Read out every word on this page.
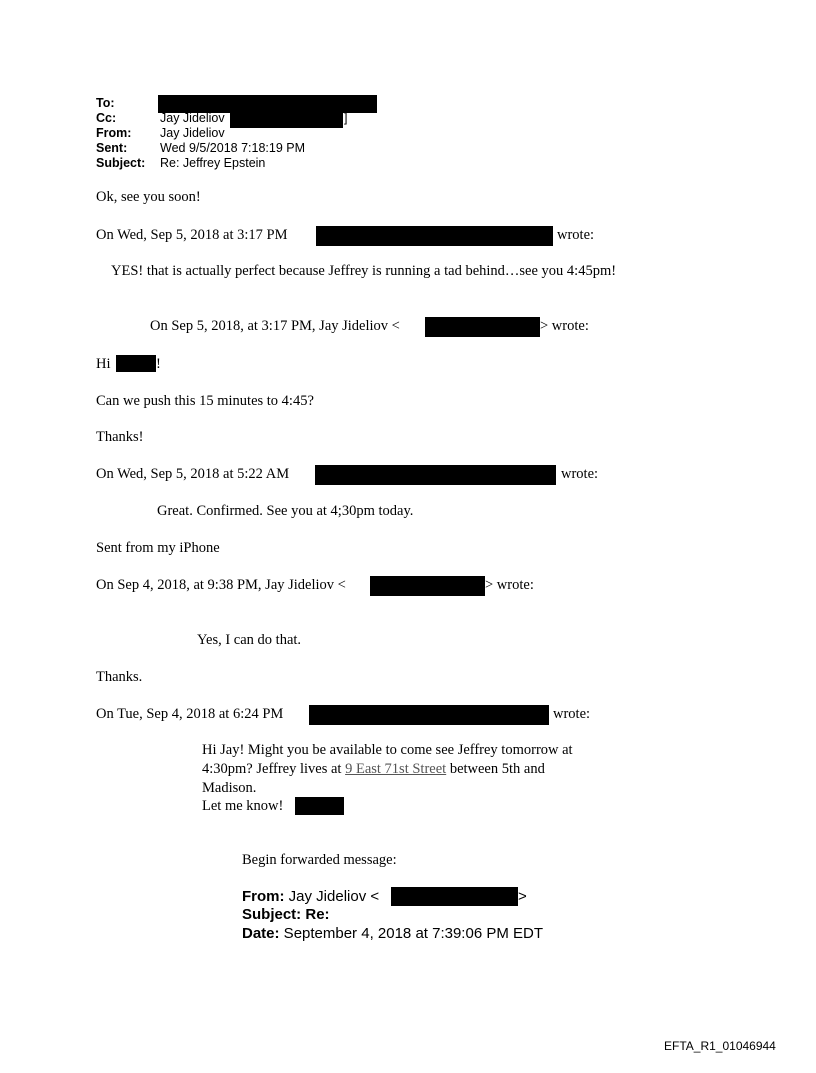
To:
Cc:	Jay Jideliov	]
From: Jay Jideliov
Sent:	Wed 9/5/2018 7:18:19 PM
Subject: Re: Jeffrey Epstein
Ok, see you soon!
On Wed, Sep 5, 2018 at 3:17 PM	wrote:
YES! that is actually perfect because Jeffrey is running a tad behind…see you 4:45pm!
On Sep 5, 2018, at 3:17 PM, Jay Jideliov <	> wrote:
Hi	!
Can we push this 15 minutes to 4:45?
Thanks!
On Wed, Sep 5, 2018 at 5:22 AM	wrote:
Great. Confirmed. See you at 4;30pm today.
Sent from my iPhone
On Sep 4, 2018, at 9:38 PM, Jay Jideliov <	> wrote:
Yes, I can do that.
Thanks.
On Tue, Sep 4, 2018 at 6:24 PM	wrote:
Hi Jay! Might you be available to come see Jeffrey tomorrow at
4:30pm? Jeffrey lives at 9 East 71st Street between 5th and
Madison.
Let me know!
Begin forwarded message:
From: Jay Jideliov <	>
Subject: Re:
Date: September 4, 2018 at 7:39:06 PM EDT
EFTA_R1_01046944
